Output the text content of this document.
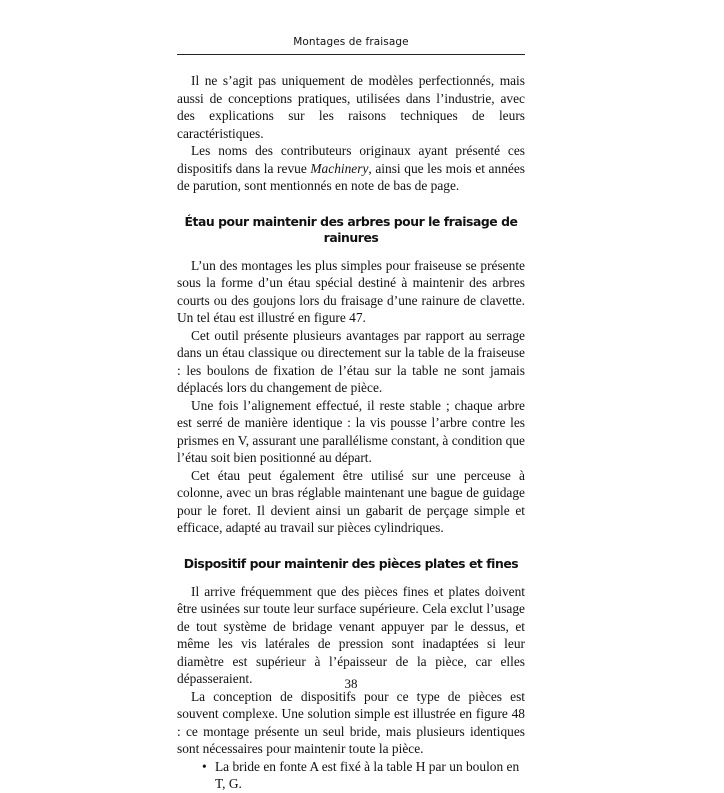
Montages de fraisage

Il ne s’agit pas uniquement de modèles perfectionnés, mais aussi de conceptions pratiques, utilisées dans l’industrie, avec des explications sur les raisons techniques de leurs caractéristiques.

Les noms des contributeurs originaux ayant présenté ces dispositifs dans la revue Machinery, ainsi que les mois et années de parution, sont mentionnés en note de bas de page.

Étau pour maintenir des arbres pour le fraisage de rainures

L’un des montages les plus simples pour fraiseuse se présente sous la forme d’un étau spécial destiné à maintenir des arbres courts ou des goujons lors du fraisage d’une rainure de clavette. Un tel étau est illustré en figure 47.

Cet outil présente plusieurs avantages par rapport au serrage dans un étau classique ou directement sur la table de la fraiseuse : les boulons de fixation de l’étau sur la table ne sont jamais déplacés lors du changement de pièce.

Une fois l’alignement effectué, il reste stable ; chaque arbre est serré de manière identique : la vis pousse l’arbre contre les prismes en V, assurant une parallélisme constant, à condition que l’étau soit bien positionné au départ.

Cet étau peut également être utilisé sur une perceuse à colonne, avec un bras réglable maintenant une bague de guidage pour le foret. Il devient ainsi un gabarit de perçage simple et efficace, adapté au travail sur pièces cylindriques.

Dispositif pour maintenir des pièces plates et fines

Il arrive fréquemment que des pièces fines et plates doivent être usinées sur toute leur surface supérieure. Cela exclut l’usage de tout système de bridage venant appuyer par le dessus, et même les vis latérales de pression sont inadaptées si leur diamètre est supérieur à l’épaisseur de la pièce, car elles dépasseraient.

La conception de dispositifs pour ce type de pièces est souvent complexe. Une solution simple est illustrée en figure 48 : ce montage présente un seul bride, mais plusieurs identiques sont nécessaires pour maintenir toute la pièce.

• La bride en fonte A est fixé à la table H par un boulon en T, G.
38
